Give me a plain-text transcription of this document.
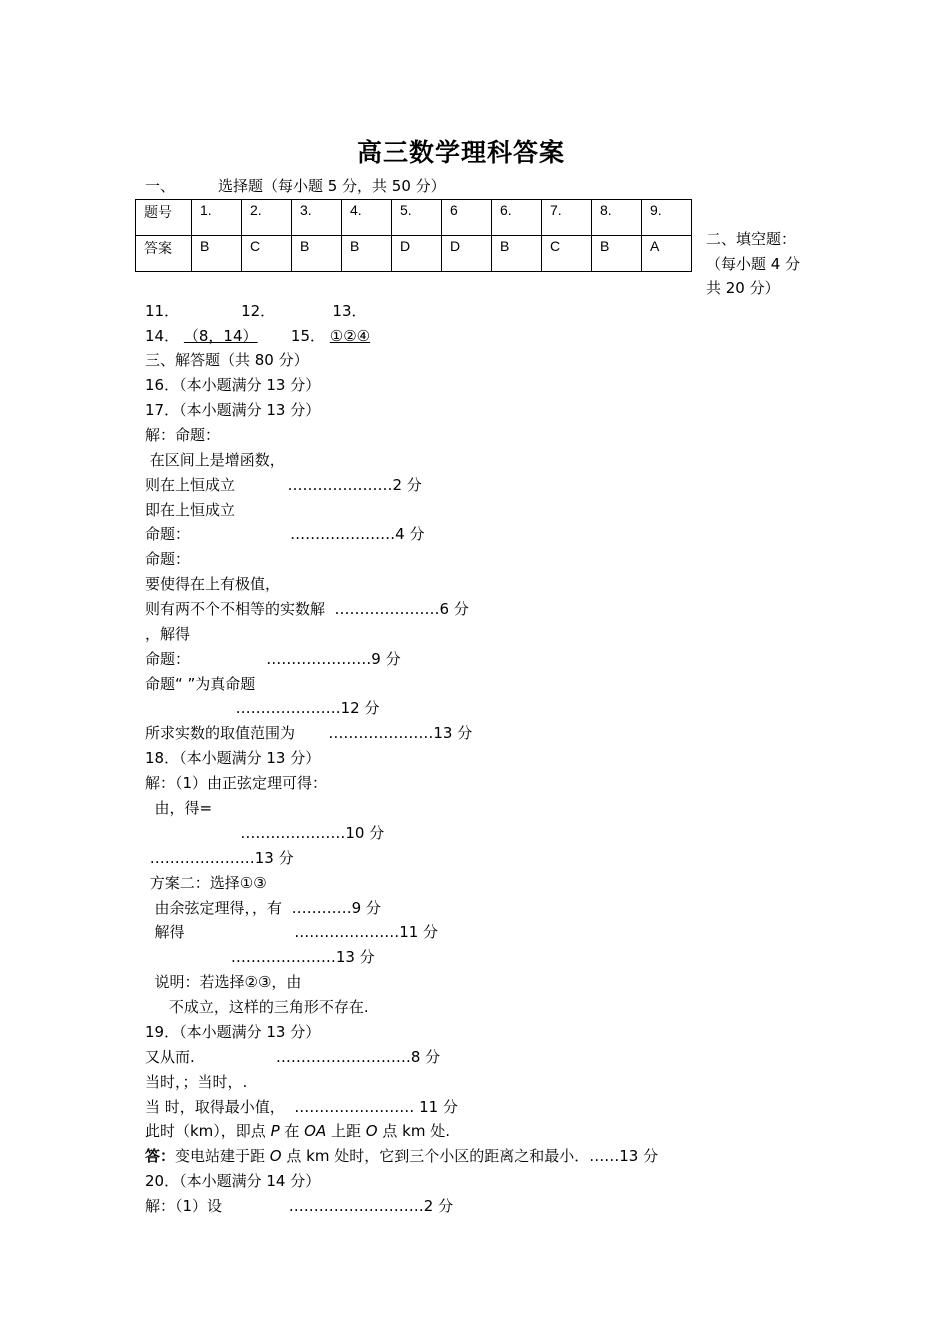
高三数学理科答案
一、	选择题（每小题 5 分，共 50 分）
题号	1.	2.	3.	4.	5.	6	6.	7.	8.	9.
答案	B	C	B	B	D	D	B	C	B	A	二、填空题：
（每小题 4 分
共 20 分）
11．	12．	13．
14． （8，14） 15． ①②④
三、解答题（共 80 分）
16．（本小题满分 13 分）
17．（本小题满分 13 分）
解：命题：
在区间上是增函数，
则在上恒成立           …………………2 分
即在上恒成立
命题：                     …………………4 分
命题：
要使得在上有极值，
则有两不个不相等的实数解  …………………6 分
，解得
命题：                …………………9 分
命题“ ”为真命题
…………………12 分
所求实数的取值范围为       …………………13 分
18．（本小题满分 13 分）
解：（1）由正弦定理可得：
由，得=
…………………10 分
…………………13 分
方案二：选择①③
由余弦定理得，，有  …………9 分
解得                       …………………11 分
…………………13 分
说明：若选择②③，由
不成立，这样的三角形不存在.
19．（本小题满分 13 分）
又从而.                 ………………………8 分
当时，；当时，.
当 时，取得最小值，  …………………… 11 分
此时（km），即点 P 在 OA 上距 O 点 km 处.
答：变电站建于距 O 点 km 处时，它到三个小区的距离之和最小．……13 分
20．（本小题满分 14 分）
解：（1）设              ………………………2 分
